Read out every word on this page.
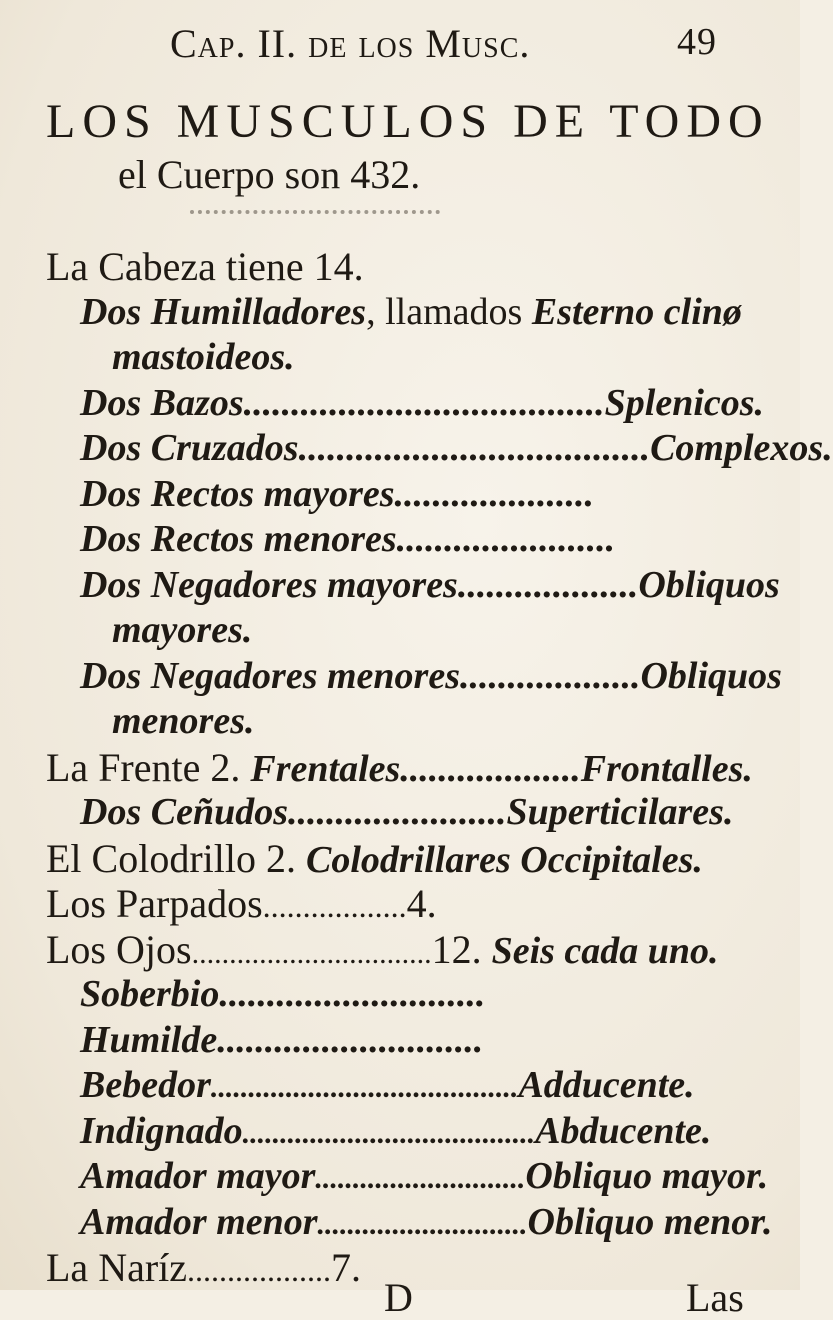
Cap. II. de los Musc.	49
LOS MUSCULOS DE TODO
el Cuerpo son 432.
La Cabeza tiene 14.
Dos Humilladores, llamados Esterno clinø
mastoideos.
Dos Bazos......................................Splenicos.
Dos Cruzados.....................................Complexos.
Dos Rectos mayores.....................
Dos Rectos menores.......................
Dos Negadores mayores...................Obliquos
mayores.
Dos Negadores menores...................Obliquos
menores.
La Frente 2. Frentales...................Frontalles.
Dos Ceñudos.......................Superticilares.
El Colodrillo 2. Colodrillares Occipitales.
Los Parpados..................4.
Los Ojos................................12. Seis cada uno.
Soberbio............................
Humilde............................
Bebedor.........................................Adducente.
Indignado.......................................Abducente.
Amador mayor............................Obliquo mayor.
Amador menor............................Obliquo menor.
La Naríz..................7.
D	Las
